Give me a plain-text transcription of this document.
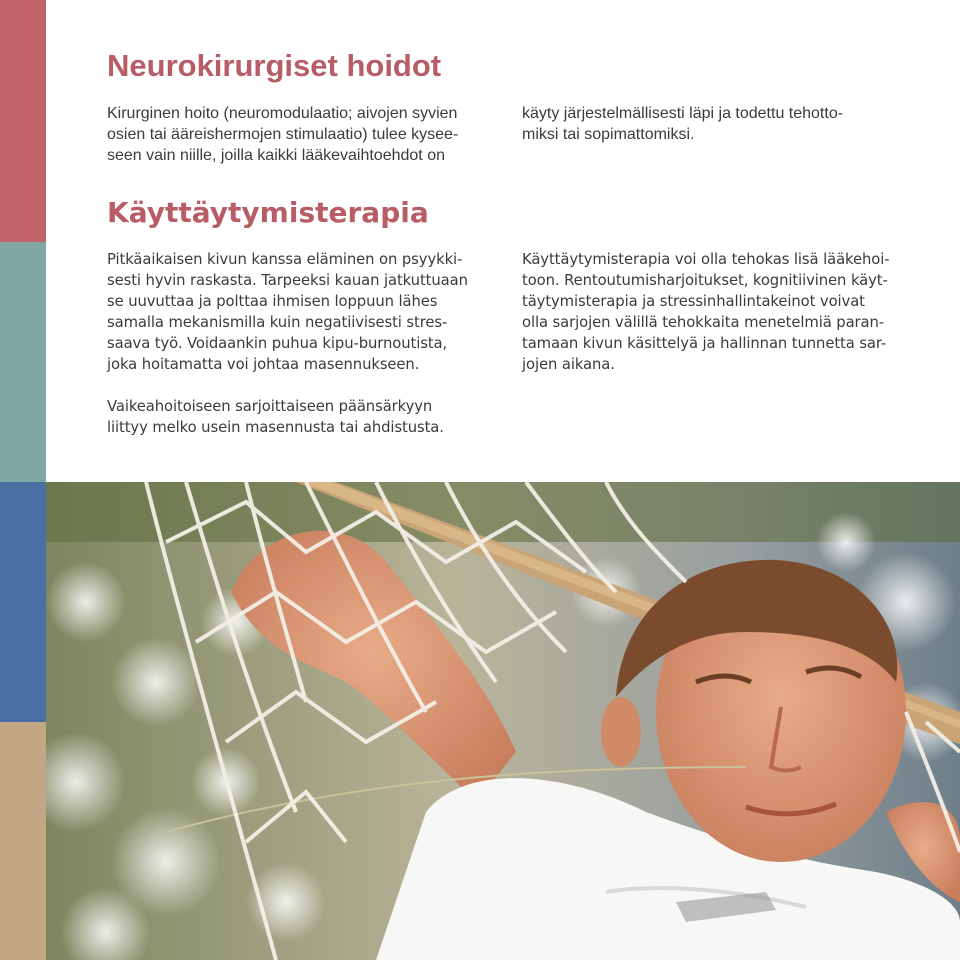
Neurokirurgiset hoidot
Kirurginen hoito (neuromodulaatio; aivojen syvien
osien tai ääreishermojen stimulaatio) tulee kysee-
seen vain niille, joilla kaikki lääkevaihtoehdot on
käyty järjestelmällisesti läpi ja todettu tehotto-
miksi tai sopimattomiksi.
Käyttäytymisterapia
Pitkäaikaisen kivun kanssa eläminen on psyykki-
sesti hyvin raskasta. Tarpeeksi kauan jatkuttuaan
se uuvuttaa ja polttaa ihmisen loppuun lähes
samalla mekanismilla kuin negatiivisesti stres-
saava työ. Voidaankin puhua kipu-burnoutista,
joka hoitamatta voi johtaa masennukseen.
Vaikeahoitoiseen sarjoittaiseen päänsärkyyn
liittyy melko usein masennusta tai ahdistusta.
Käyttäytymisterapia voi olla tehokas lisä lääkehoi-
toon. Rentoutumisharjoitukset, kognitiivinen käyt-
täytymisterapia ja stressinhallintakeinot voivat
olla sarjojen välillä tehokkaita menetelmiä paran-
tamaan kivun käsittelyä ja hallinnan tunnetta sar-
jojen aikana.
